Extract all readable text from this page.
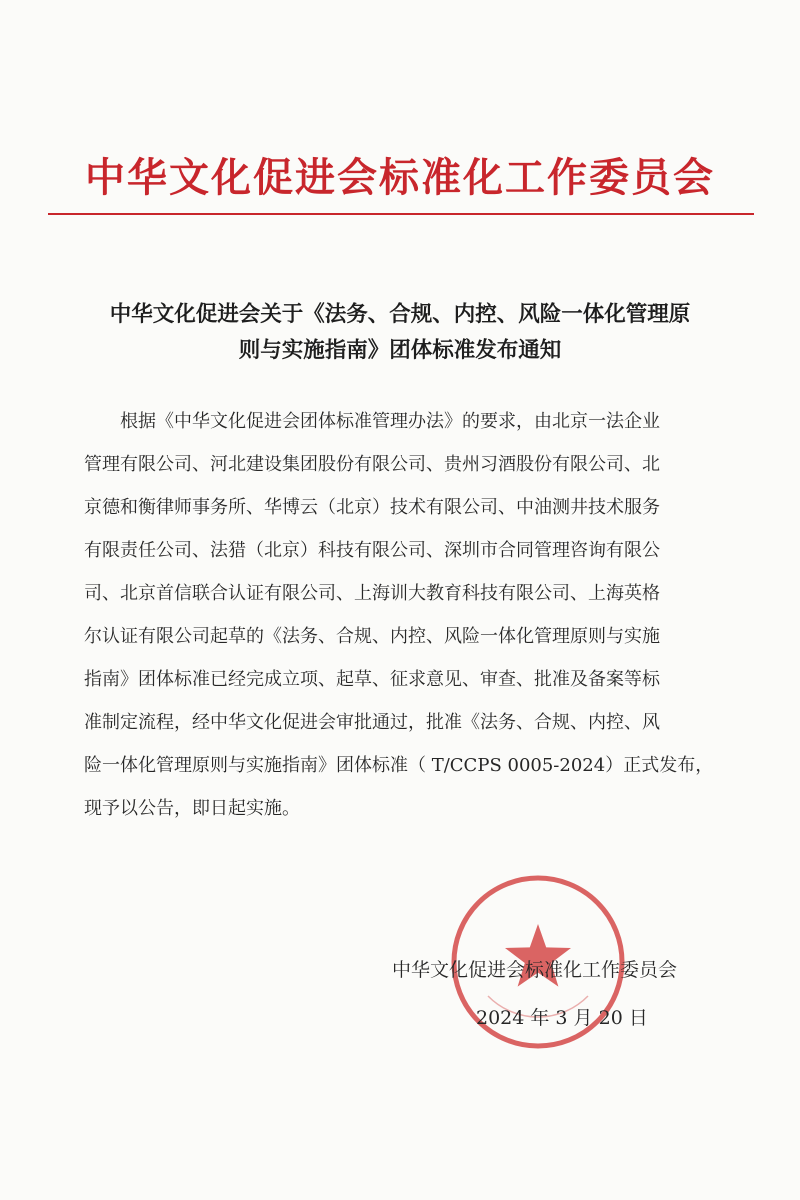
中华文化促进会标准化工作委员会
中华文化促进会关于《法务、合规、内控、风险一体化管理原
则与实施指南》团体标准发布通知
根据《中华文化促进会团体标准管理办法》的要求，由北京一法企业
管理有限公司、河北建设集团股份有限公司、贵州习酒股份有限公司、北
京德和衡律师事务所、华博云（北京）技术有限公司、中油测井技术服务
有限责任公司、法猎（北京）科技有限公司、深圳市合同管理咨询有限公
司、北京首信联合认证有限公司、上海训大教育科技有限公司、上海英格
尔认证有限公司起草的《法务、合规、内控、风险一体化管理原则与实施
指南》团体标准已经完成立项、起草、征求意见、审查、批准及备案等标
准制定流程，经中华文化促进会审批通过，批准《法务、合规、内控、风
险一体化管理原则与实施指南》团体标准（ T/CCPS 0005-2024）正式发布，
现予以公告，即日起实施。
中华文化促进会标准化工作委员会
2024 年 3 月 20 日
